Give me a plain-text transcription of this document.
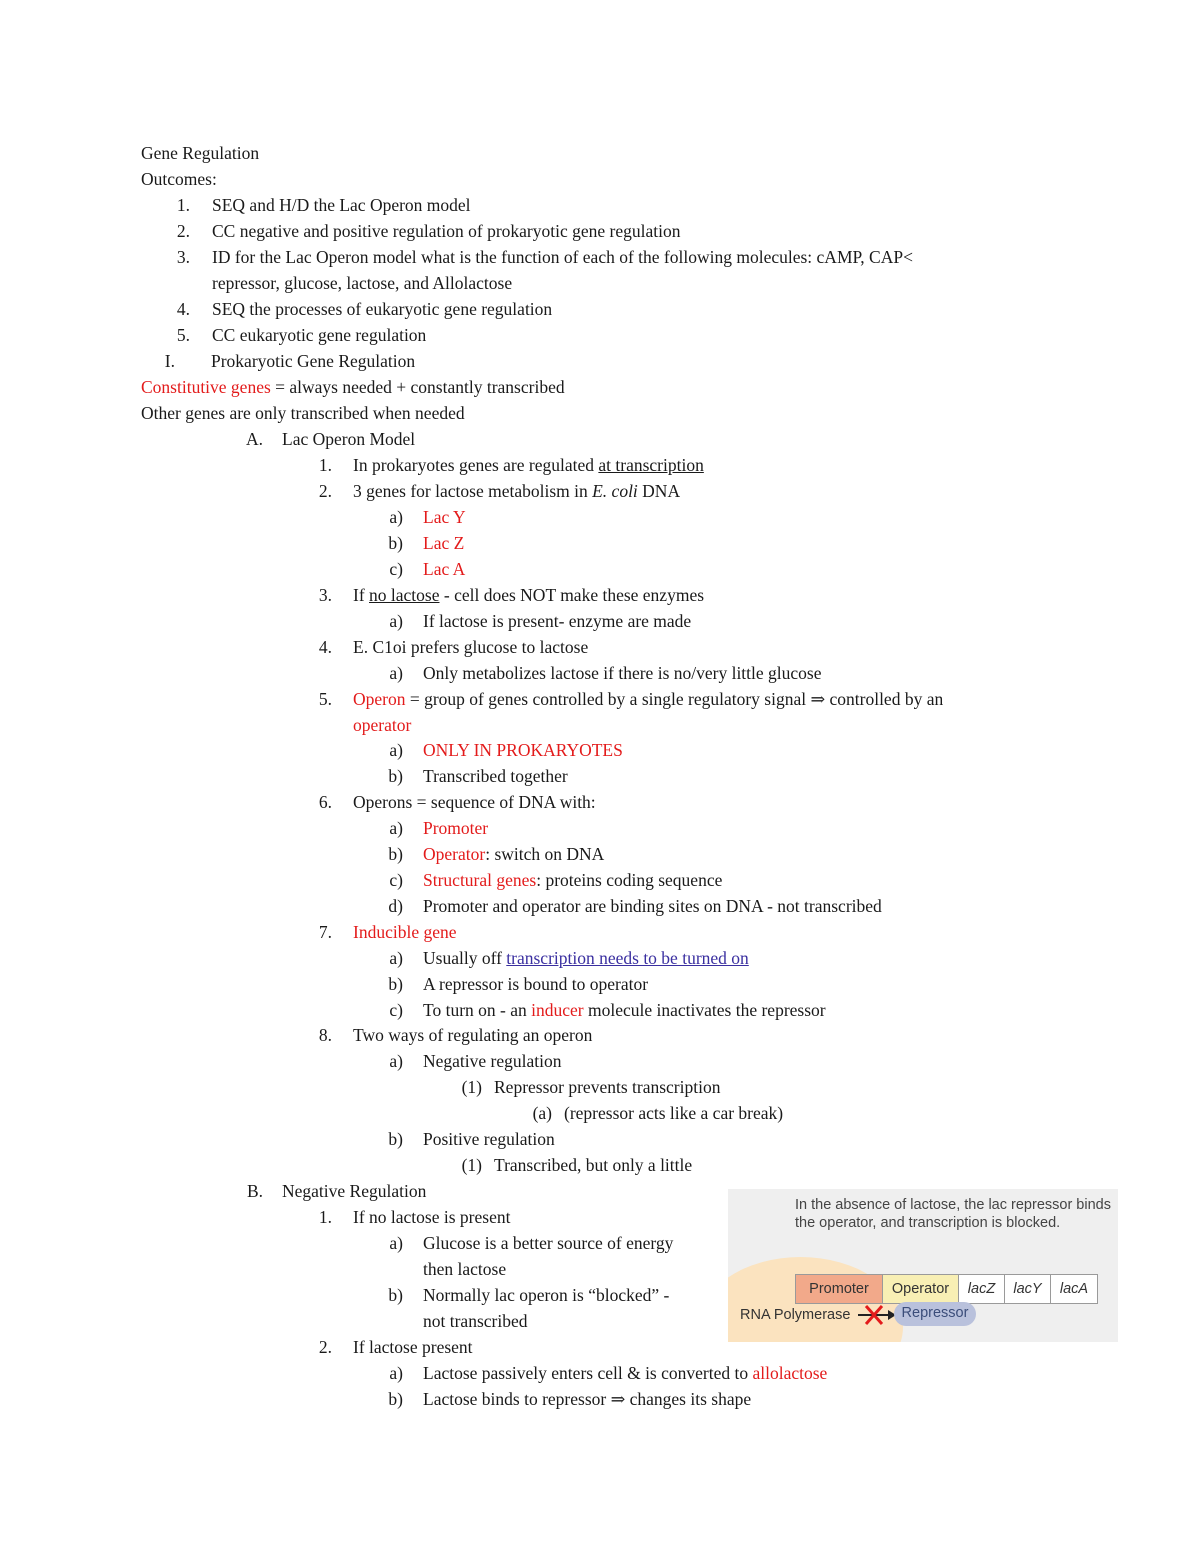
Gene Regulation
Outcomes:
1. SEQ and H/D the Lac Operon model
2. CC negative and positive regulation of prokaryotic gene regulation
3. ID for the Lac Operon model what is the function of each of the following molecules: cAMP, CAP<
repressor, glucose, lactose, and Allolactose
4. SEQ the processes of eukaryotic gene regulation
5. CC eukaryotic gene regulation
I. Prokaryotic Gene Regulation
Constitutive genes = always needed + constantly transcribed
Other genes are only transcribed when needed
A. Lac Operon Model
1. In prokaryotes genes are regulated at transcription
2. 3 genes for lactose metabolism in E. coli DNA
a) Lac Y
b) Lac Z
c) Lac A
3. If no lactose - cell does NOT make these enzymes
a) If lactose is present- enzyme are made
4. E. C1oi prefers glucose to lactose
a) Only metabolizes lactose if there is no/very little glucose
5. Operon = group of genes controlled by a single regulatory signal ⇒ controlled by an
operator
a) ONLY IN PROKARYOTES
b) Transcribed together
6. Operons = sequence of DNA with:
a) Promoter
b) Operator: switch on DNA
c) Structural genes: proteins coding sequence
d) Promoter and operator are binding sites on DNA - not transcribed
7. Inducible gene
a) Usually off transcription needs to be turned on
b) A repressor is bound to operator
c) To turn on - an inducer molecule inactivates the repressor
8. Two ways of regulating an operon
a) Negative regulation
(1) Repressor prevents transcription
(a) (repressor acts like a car break)
b) Positive regulation
(1) Transcribed, but only a little
B. Negative Regulation
1. If no lactose is present
a) Glucose is a better source of energy
then lactose
b) Normally lac operon is “blocked” -
not transcribed
2. If lactose present
a) Lactose passively enters cell & is converted to allolactose
b) Lactose binds to repressor ⇒ changes its shape
In the absence of lactose, the lac repressor binds the operator, and transcription is blocked.
Promoter	Operator	lacZ	lacY	lacA
RNA Polymerase	Repressor
